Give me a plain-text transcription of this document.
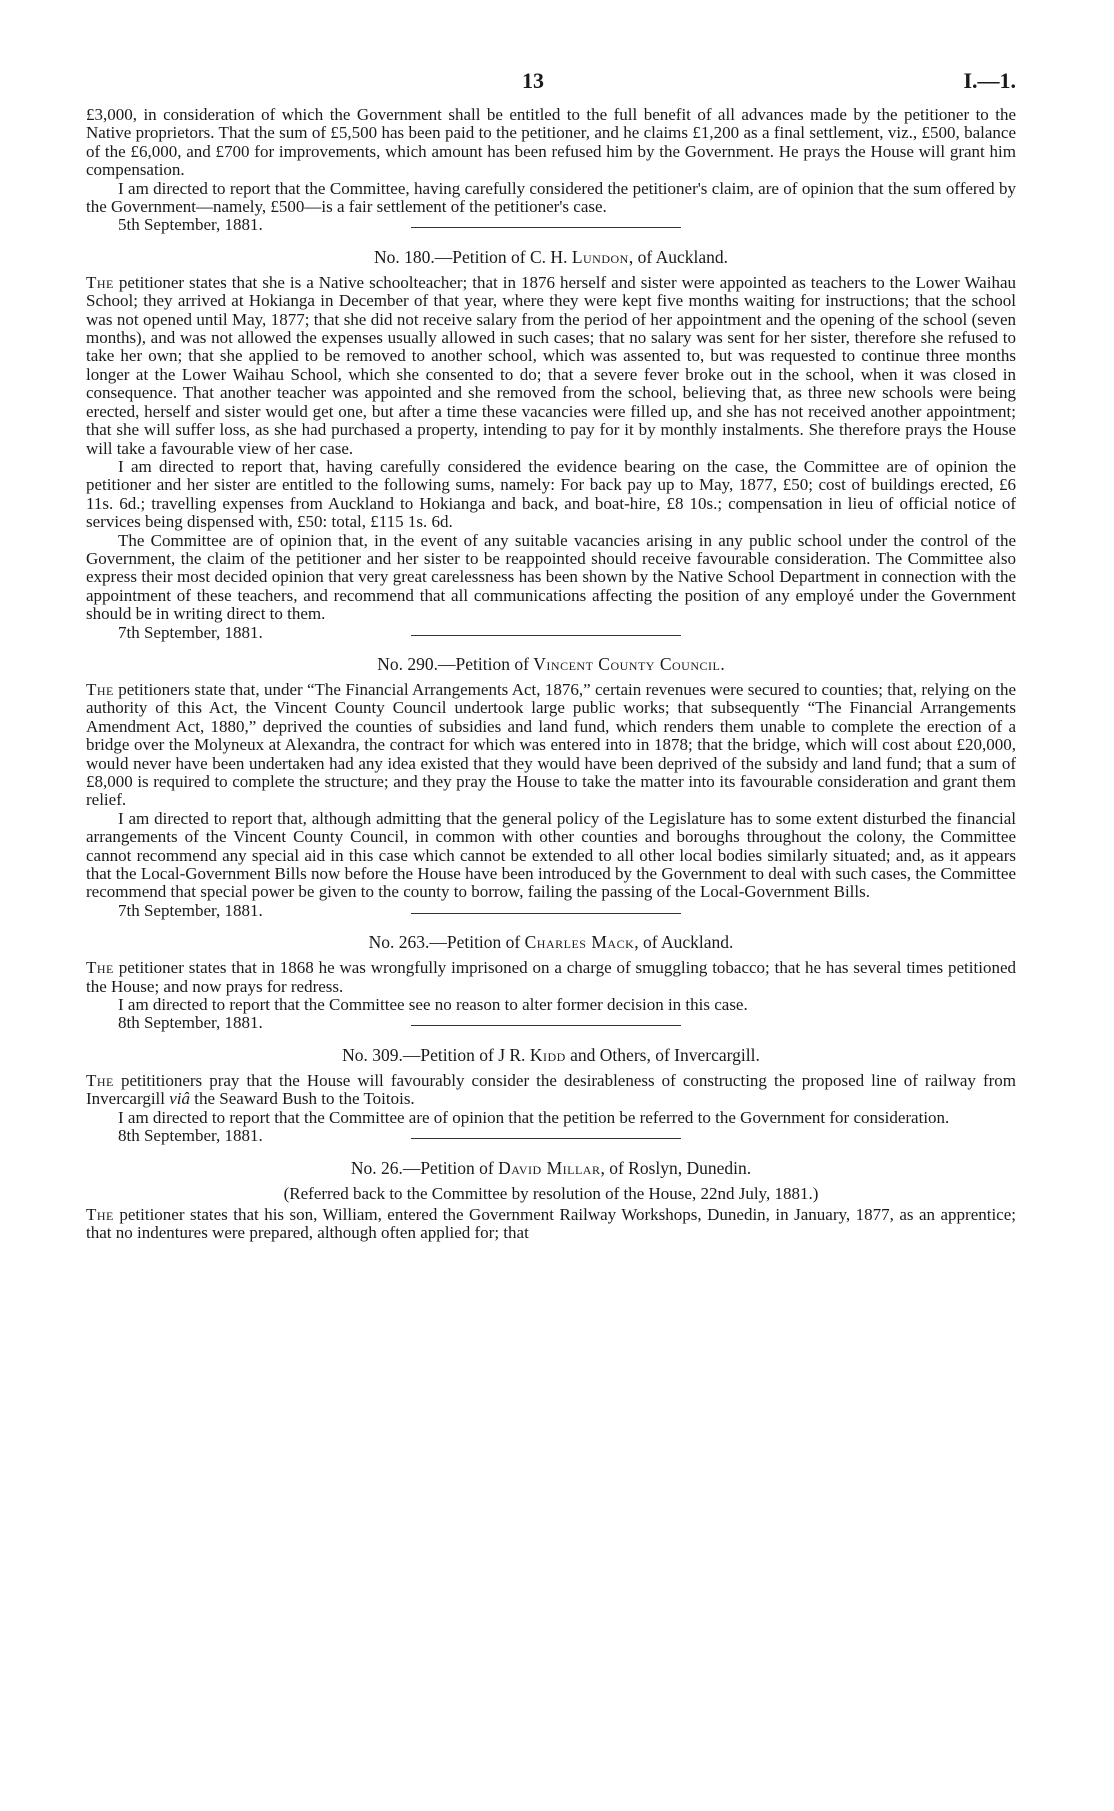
13	I.—1.

£3,000, in consideration of which the Government shall be entitled to the full benefit of all advances made by the petitioner to the Native proprietors. That the sum of £5,500 has been paid to the petitioner, and he claims £1,200 as a final settlement, viz., £500, balance of the £6,000, and £700 for improvements, which amount has been refused him by the Government. He prays the House will grant him compensation.

I am directed to report that the Committee, having carefully considered the petitioner's claim, are of opinion that the sum offered by the Government—namely, £500—is a fair settlement of the petitioner's case.

5th September, 1881.
No. 180.—Petition of C. H. Lundon, of Auckland.

The petitioner states that she is a Native schoolteacher; that in 1876 herself and sister were appointed as teachers to the Lower Waihau School; they arrived at Hokianga in December of that year, where they were kept five months waiting for instructions; that the school was not opened until May, 1877; that she did not receive salary from the period of her appointment and the opening of the school (seven months), and was not allowed the expenses usually allowed in such cases; that no salary was sent for her sister, therefore she refused to take her own; that she applied to be removed to another school, which was assented to, but was requested to continue three months longer at the Lower Waihau School, which she consented to do; that a severe fever broke out in the school, when it was closed in consequence. That another teacher was appointed and she removed from the school, believing that, as three new schools were being erected, herself and sister would get one, but after a time these vacancies were filled up, and she has not received another appointment; that she will suffer loss, as she had purchased a property, intending to pay for it by monthly instalments. She therefore prays the House will take a favourable view of her case.

I am directed to report that, having carefully considered the evidence bearing on the case, the Committee are of opinion the petitioner and her sister are entitled to the following sums, namely: For back pay up to May, 1877, £50; cost of buildings erected, £6 11s. 6d.; travelling expenses from Auckland to Hokianga and back, and boat-hire, £8 10s.; compensation in lieu of official notice of services being dispensed with, £50: total, £115 1s. 6d.

The Committee are of opinion that, in the event of any suitable vacancies arising in any public school under the control of the Government, the claim of the petitioner and her sister to be reappointed should receive favourable consideration. The Committee also express their most decided opinion that very great carelessness has been shown by the Native School Department in connection with the appointment of these teachers, and recommend that all communications affecting the position of any employé under the Government should be in writing direct to them.

7th September, 1881.
No. 290.—Petition of Vincent County Council.

The petitioners state that, under “The Financial Arrangements Act, 1876,” certain revenues were secured to counties; that, relying on the authority of this Act, the Vincent County Council undertook large public works; that subsequently “The Financial Arrangements Amendment Act, 1880,” deprived the counties of subsidies and land fund, which renders them unable to complete the erection of a bridge over the Molyneux at Alexandra, the contract for which was entered into in 1878; that the bridge, which will cost about £20,000, would never have been undertaken had any idea existed that they would have been deprived of the subsidy and land fund; that a sum of £8,000 is required to complete the structure; and they pray the House to take the matter into its favourable consideration and grant them relief.

I am directed to report that, although admitting that the general policy of the Legislature has to some extent disturbed the financial arrangements of the Vincent County Council, in common with other counties and boroughs throughout the colony, the Committee cannot recommend any special aid in this case which cannot be extended to all other local bodies similarly situated; and, as it appears that the Local-Government Bills now before the House have been introduced by the Government to deal with such cases, the Committee recommend that special power be given to the county to borrow, failing the passing of the Local-Government Bills.

7th September, 1881.
No. 263.—Petition of Charles Mack, of Auckland.

The petitioner states that in 1868 he was wrongfully imprisoned on a charge of smuggling tobacco; that he has several times petitioned the House; and now prays for redress.

I am directed to report that the Committee see no reason to alter former decision in this case.

8th September, 1881.
No. 309.—Petition of J R. Kidd and Others, of Invercargill.

The petititioners pray that the House will favourably consider the desirableness of constructing the proposed line of railway from Invercargill viâ the Seaward Bush to the Toitois.

I am directed to report that the Committee are of opinion that the petition be referred to the Government for consideration.

8th September, 1881.
No. 26.—Petition of David Millar, of Roslyn, Dunedin.
(Referred back to the Committee by resolution of the House, 22nd July, 1881.)

The petitioner states that his son, William, entered the Government Railway Workshops, Dunedin, in January, 1877, as an apprentice; that no indentures were prepared, although often applied for; that
